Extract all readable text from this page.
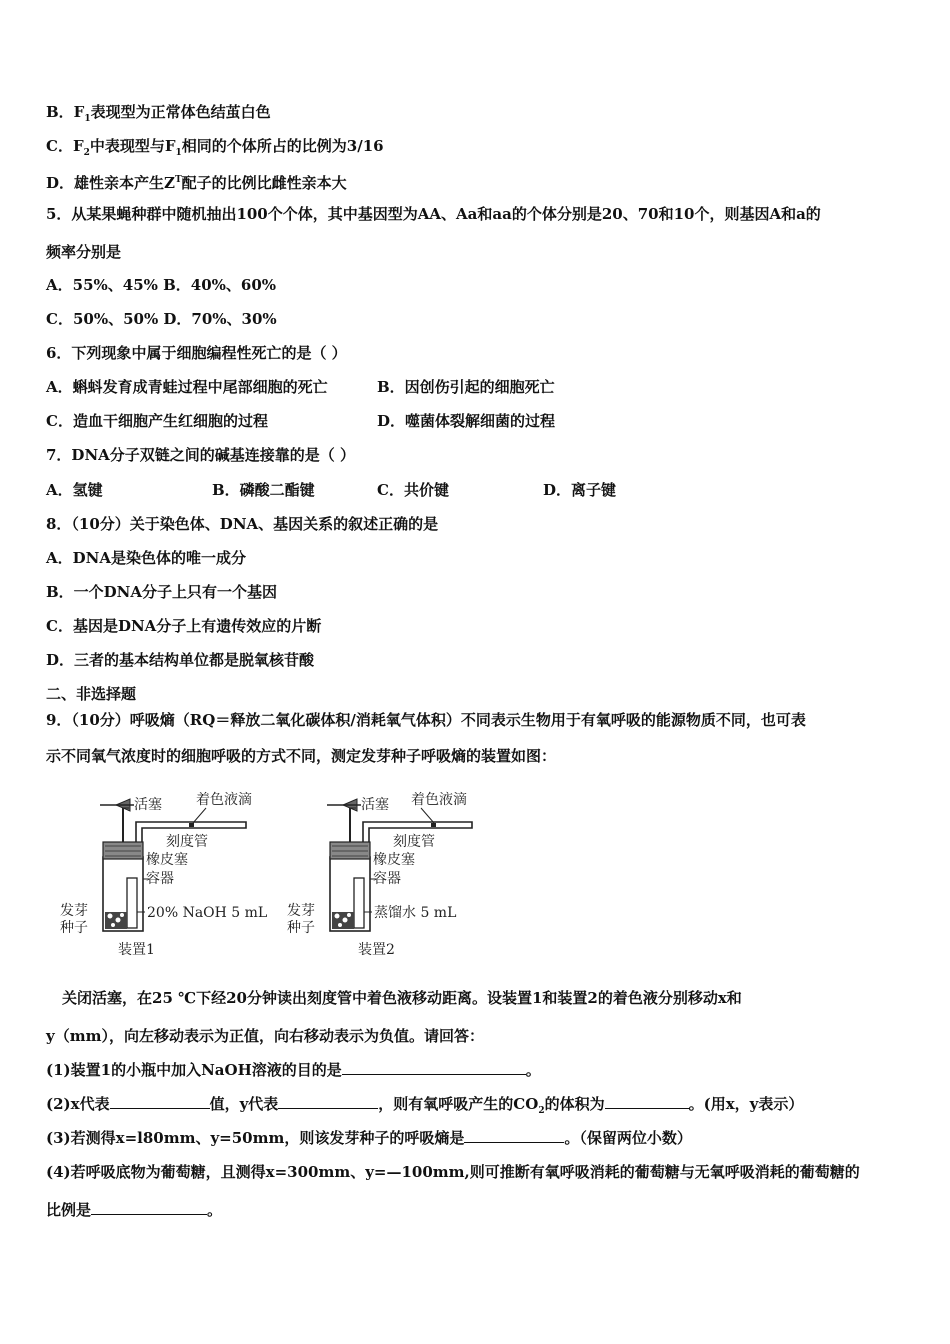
B．$F_1$表现型为正常体色结茧白色
C．$F_2$中表现型与$F_1$相同的个体所占的比例为3/16
D．雄性亲本产生$Z^T$配子的比例比雌性亲本大
5．从某果蝇种群中随机抽出100个个体，其中基因型为AA、Aa和aa的个体分别是20、70和10个，则基因A和a的
频率分别是
A．55%、45% B．40%、60%
C．50%、50% D．70%、30%
6．下列现象中属于细胞编程性死亡的是（ ）
A．蝌蚪发育成青蛙过程中尾部细胞的死亡	B．因创伤引起的细胞死亡
C．造血干细胞产生红细胞的过程	D．噬菌体裂解细菌的过程
7．DNA分子双链之间的碱基连接靠的是（ ）
A．氢键	B．磷酸二酯键	C．共价键	D．离子键
8．（10分）关于染色体、DNA、基因关系的叙述正确的是
A．DNA是染色体的唯一成分
B．一个DNA分子上只有一个基因
C．基因是DNA分子上有遗传效应的片断
D．三者的基本结构单位都是脱氧核苷酸
二、非选择题
9．（10分）呼吸熵（RQ＝释放二氧化碳体积/消耗氧气体积）不同表示生物用于有氧呼吸的能源物质不同，也可表
示不同氧气浓度时的细胞呼吸的方式不同，测定发芽种子呼吸熵的装置如图：
活塞 着色液滴
刻度管
橡皮塞
容器
发芽
种子
20% NaOH 5 mL
装置1
活塞 着色液滴
刻度管
橡皮塞
容器
发芽
种子
蒸馏水 5 mL
装置2
关闭活塞，在25 ℃下经20分钟读出刻度管中着色液移动距离。设装置1和装置2的着色液分别移动x和
y（mm），向左移动表示为正值，向右移动表示为负值。请回答：
(1)装置1的小瓶中加入NaOH溶液的目的是	。
(2)x代表	值，y代表	，则有氧呼吸产生的$CO_2$的体积为	。(用x，y表示）
(3)若测得x=l80mm、y=50mm，则该发芽种子的呼吸熵是	。（保留两位小数）
(4)若呼吸底物为葡萄糖，且测得x=300mm、y=—100mm,则可推断有氧呼吸消耗的葡萄糖与无氧呼吸消耗的葡萄糖的
比例是	。
